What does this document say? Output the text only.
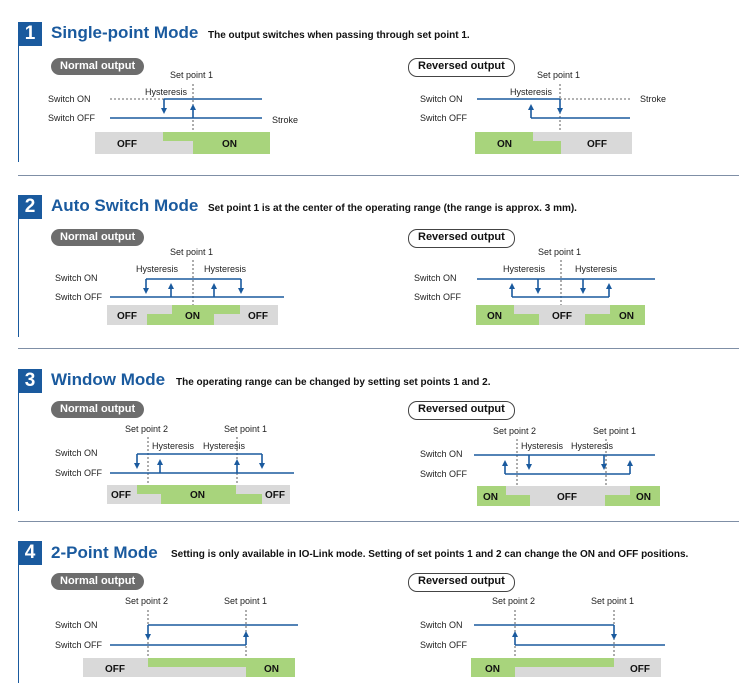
1 Single-point Mode The output switches when passing through set point 1.
Normal output	Reversed output
Set point 1
Hysteresis
Switch ON
Switch OFF	Stroke
OFF	ON
Set point 1
Hysteresis
Switch ON
Switch OFF
Stroke
ON	OFF
2 Auto Switch Mode Set point 1 is at the center of the operating range (the range is approx. 3 mm).
Normal output	Reversed output
Set point 1
Hysteresis	Hysteresis
Switch ON
Switch OFF
OFF	ON	OFF
Set point 1
Hysteresis	Hysteresis
Switch ON
Switch OFF
ON	OFF	ON
3 Window Mode The operating range can be changed by setting set points 1 and 2.
Normal output	Reversed output
Set point 2	Set point 1
Hysteresis Hysteresis
Switch ON
Switch OFF
OFF	ON	OFF
Set point 2	Set point 1
Hysteresis Hysteresis
Switch ON
Switch OFF
ON	OFF	ON
4 2-Point Mode Setting is only available in IO-Link mode. Setting of set points 1 and 2 can change the ON and OFF positions.
Normal output	Reversed output
Set point 2	Set point 1
Switch ON
Switch OFF
OFF	ON
Set point 2	Set point 1
Switch ON
Switch OFF
ON	OFF
